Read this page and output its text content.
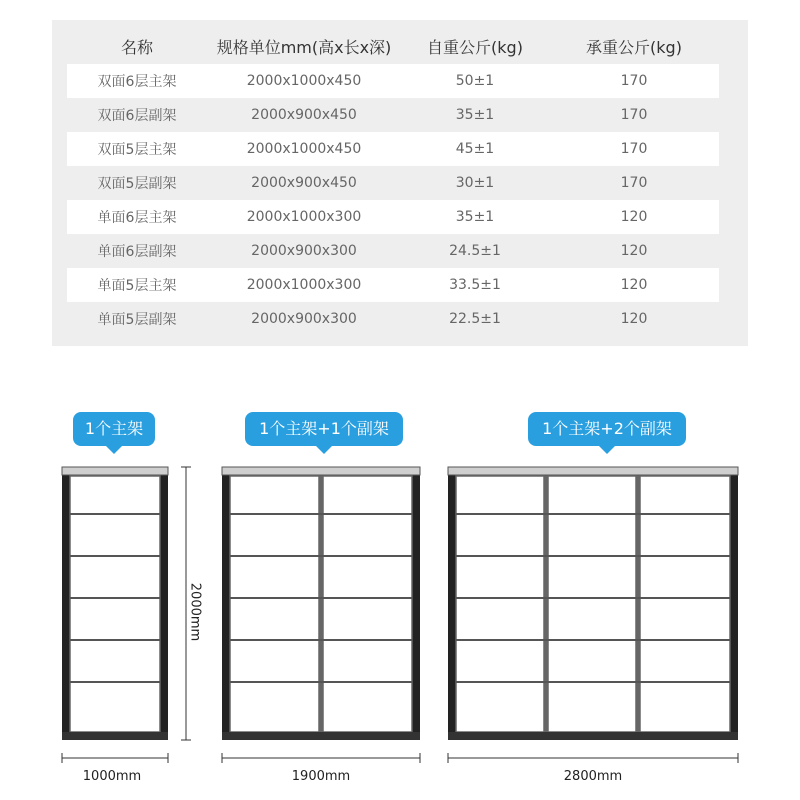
名称	规格单位mm(高x长x深)	自重公斤(kg)	承重公斤(kg)
双面6层主架	2000x1000x450	50±1	170
双面6层副架	2000x900x450	35±1	170
双面5层主架	2000x1000x450	45±1	170
双面5层副架	2000x900x450	30±1	170
单面6层主架	2000x1000x300	35±1	120
单面6层副架	2000x900x300	24.5±1	120
单面5层主架	2000x1000x300	33.5±1	120
单面5层副架	2000x900x300	22.5±1	120
1个主架	1个主架+1个副架	1个主架+2个副架
2000mm
1000mm	1900mm	2800mm
